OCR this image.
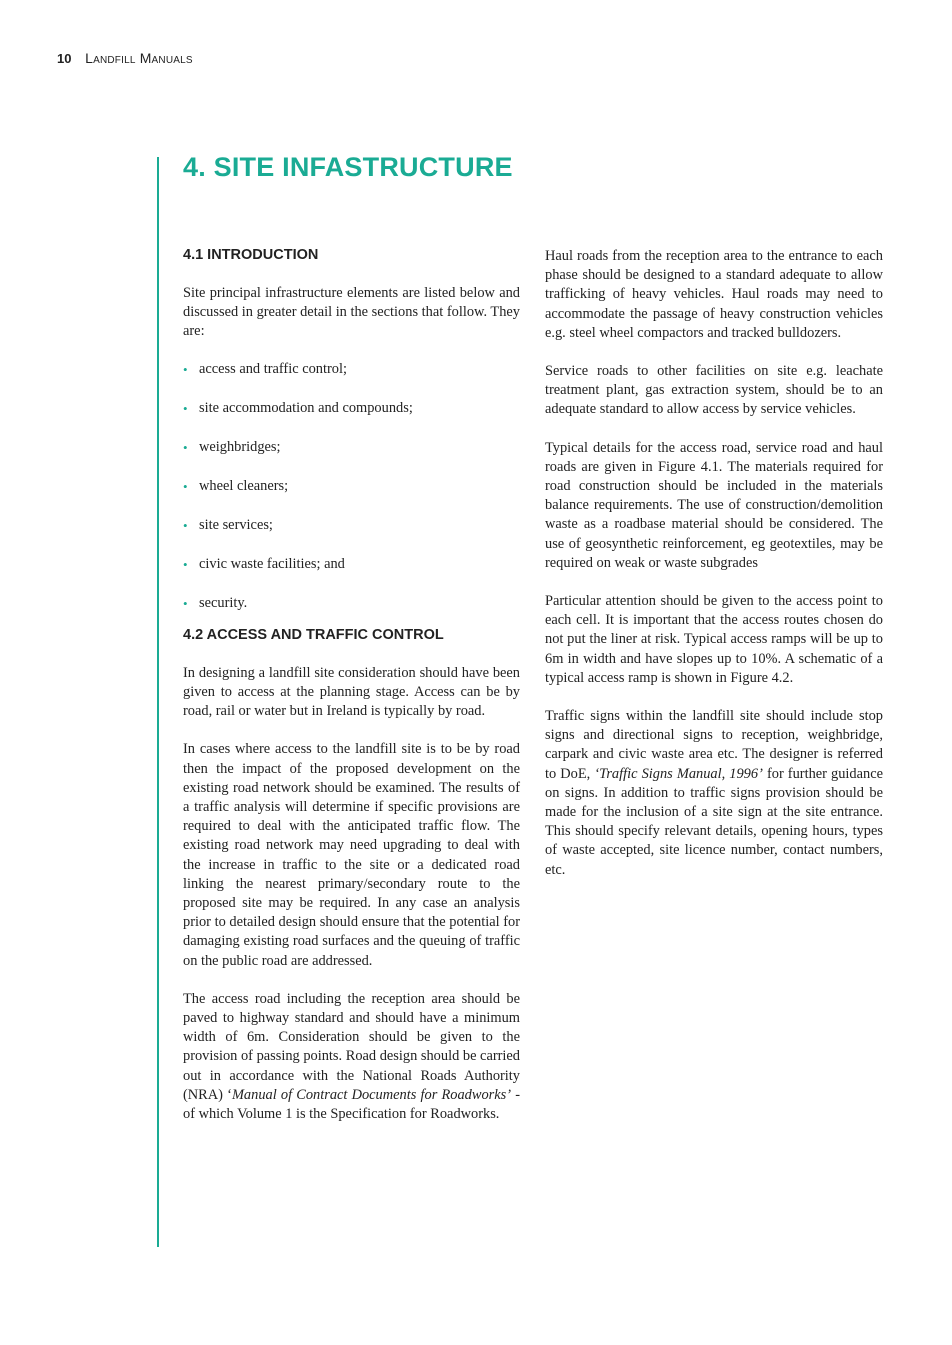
10 Landfill Manuals
4. SITE INFASTRUCTURE
4.1 INTRODUCTION

Site principal infrastructure elements are listed below and discussed in greater detail in the sections that follow. They are:

• access and traffic control;
• site accommodation and compounds;
• weighbridges;
• wheel cleaners;
• site services;
• civic waste facilities; and
• security.
4.2 ACCESS AND TRAFFIC CONTROL

In designing a landfill site consideration should have been given to access at the planning stage. Access can be by road, rail or water but in Ireland is typically by road.

In cases where access to the landfill site is to be by road then the impact of the proposed development on the existing road network should be examined. The results of a traffic analysis will determine if specific provisions are required to deal with the anticipated traffic flow. The existing road network may need upgrading to deal with the increase in traffic to the site or a dedicated road linking the nearest primary/secondary route to the proposed site may be required. In any case an analysis prior to detailed design should ensure that the potential for damaging existing road surfaces and the queuing of traffic on the public road are addressed.

The access road including the reception area should be paved to highway standard and should have a minimum width of 6m. Consideration should be given to the provision of passing points. Road design should be carried out in accordance with the National Roads Authority (NRA) ‘Manual of Contract Documents for Roadworks’ - of which Volume 1 is the Specification for Roadworks.

Haul roads from the reception area to the entrance to each phase should be designed to a standard adequate to allow trafficking of heavy vehicles. Haul roads may need to accommodate the passage of heavy construction vehicles e.g. steel wheel compactors and tracked bulldozers.

Service roads to other facilities on site e.g. leachate treatment plant, gas extraction system, should be to an adequate standard to allow access by service vehicles.

Typical details for the access road, service road and haul roads are given in Figure 4.1. The materials required for road construction should be included in the materials balance requirements. The use of construction/demolition waste as a roadbase material should be considered. The use of geosynthetic reinforcement, eg geotextiles, may be required on weak or waste subgrades

Particular attention should be given to the access point to each cell. It is important that the access routes chosen do not put the liner at risk. Typical access ramps will be up to 6m in width and have slopes up to 10%. A schematic of a typical access ramp is shown in Figure 4.2.

Traffic signs within the landfill site should include stop signs and directional signs to reception, weighbridge, carpark and civic waste area etc. The designer is referred to DoE, ‘Traffic Signs Manual, 1996’ for further guidance on signs. In addition to traffic signs provision should be made for the inclusion of a site sign at the site entrance. This should specify relevant details, opening hours, types of waste accepted, site licence number, contact numbers, etc.
